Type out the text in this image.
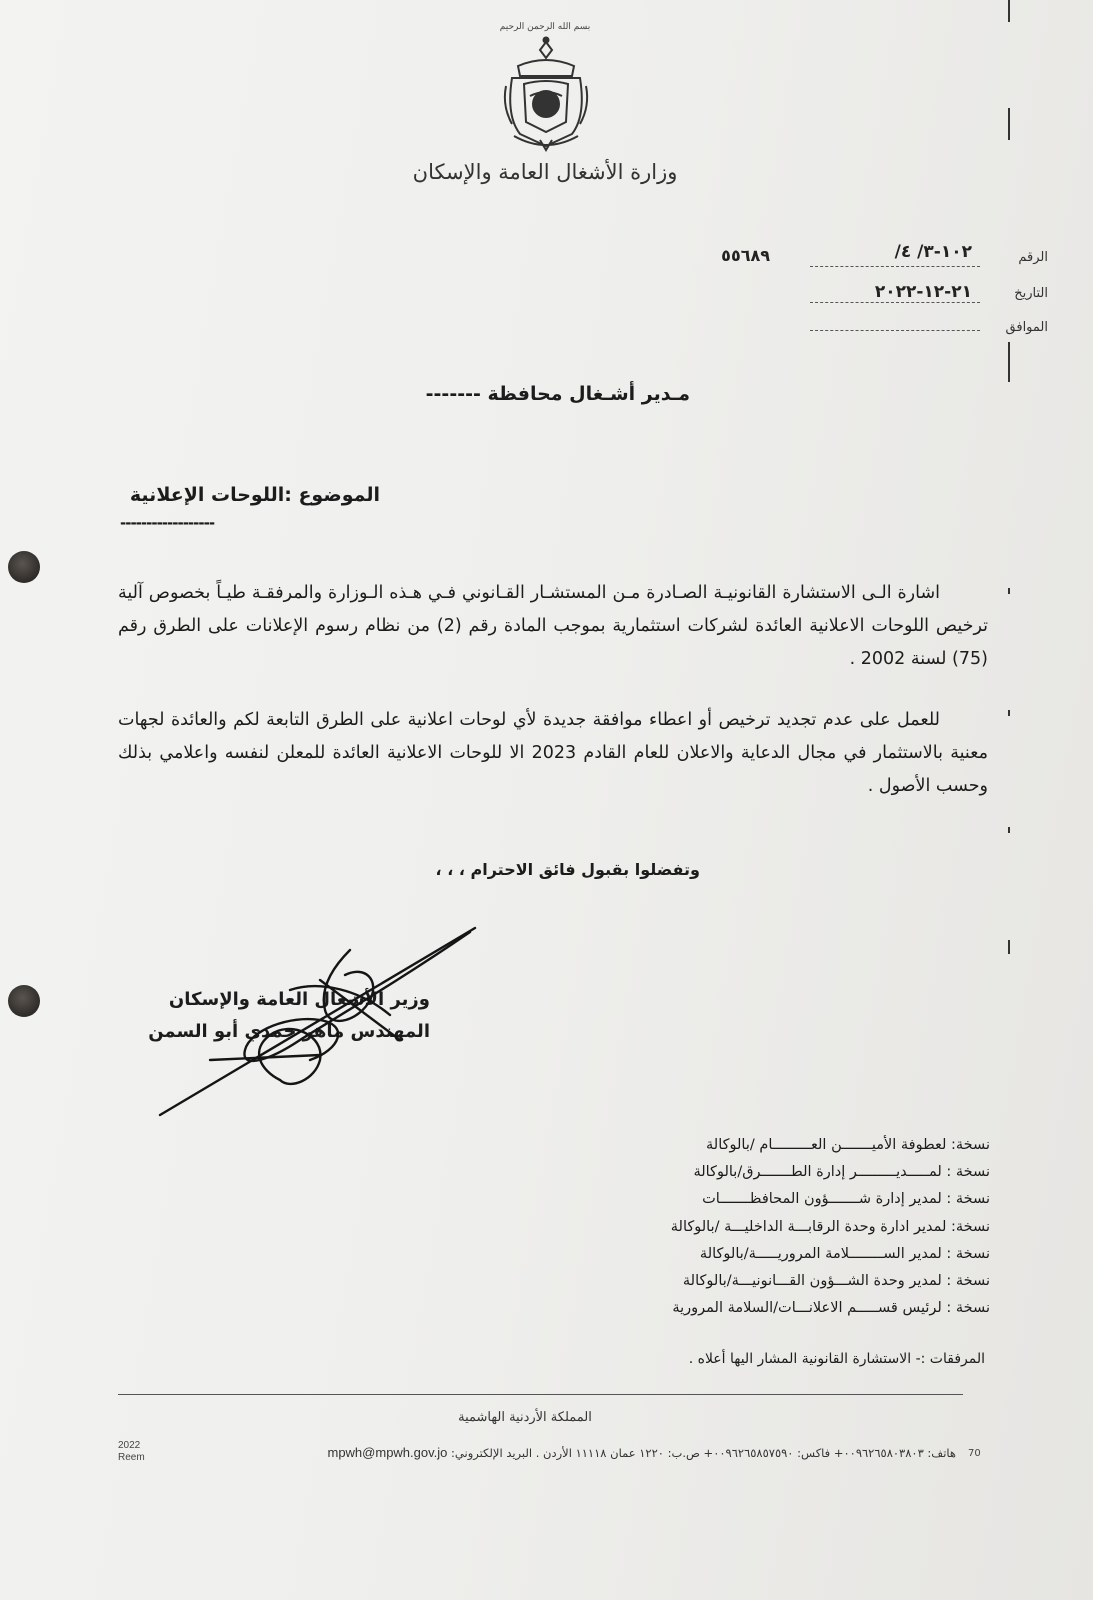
بسم الله الرحمن الرحيم
وزارة الأشغال العامة والإسكان
الرقم
١٠٢-٣/ ٤/
٥٥٦٨٩
التاريخ
٢١-١٢-٢٠٢٢
الموافق
مـدير أشـغال محافظة -------
الموضوع :اللوحات الإعلانية
------------------
اشارة الـى الاستشارة القانونيـة الصـادرة مـن المستشـار القـانوني فـي هـذه الـوزارة والمرفقـة طيـاً بخصوص آلية ترخيص اللوحات الاعلانية العائدة لشركات استثمارية بموجب المادة رقم (2) من نظام رسوم الإعلانات على الطرق رقم (75) لسنة 2002 .
للعمل على عدم تجديد ترخيص أو اعطاء موافقة جديدة لأي لوحات اعلانية على الطرق التابعة لكم والعائدة لجهات معنية بالاستثمار في مجال الدعاية والاعلان للعام القادم 2023 الا للوحات الاعلانية العائدة للمعلن لنفسه واعلامي بذلك وحسب الأصول .
وتفضلوا بقبول فائق الاحترام ، ، ،
وزير الأشغال العامة والإسكان
المهندس ماهر حمدي أبو السمن
نسخة: لعطوفة الأميـــــــن العـــــــــام /بالوكالة
نسخة : لمـــــديـــــــــر إدارة الطـــــــرق/بالوكالة
نسخة : لمدير إدارة شـــــــؤون المحافظـــــــات
نسخة: لمدير ادارة وحدة الرقابـــة الداخليـــة /بالوكالة
نسخة : لمدير الســــــــلامة المروريـــــة/بالوكالة
نسخة : لمدير وحدة الشـــؤون القـــانونيـــة/بالوكالة
نسخة : لرئيس قســـــم الاعلانـــات/السلامة المرورية
المرفقات :- الاستشارة القانونية المشار اليها أعلاه .
المملكة الأردنية الهاشمية
هاتف: ٠٠٩٦٢٦٥٨٠٣٨٠٣+ فاكس: ٠٠٩٦٢٦٥٨٥٧٥٩٠+ ص.ب: ١٢٢٠ عمان ١١١١٨ الأردن . البريد الإلكتروني: mpwh@mpwh.gov.jo	70
2022
Reem
